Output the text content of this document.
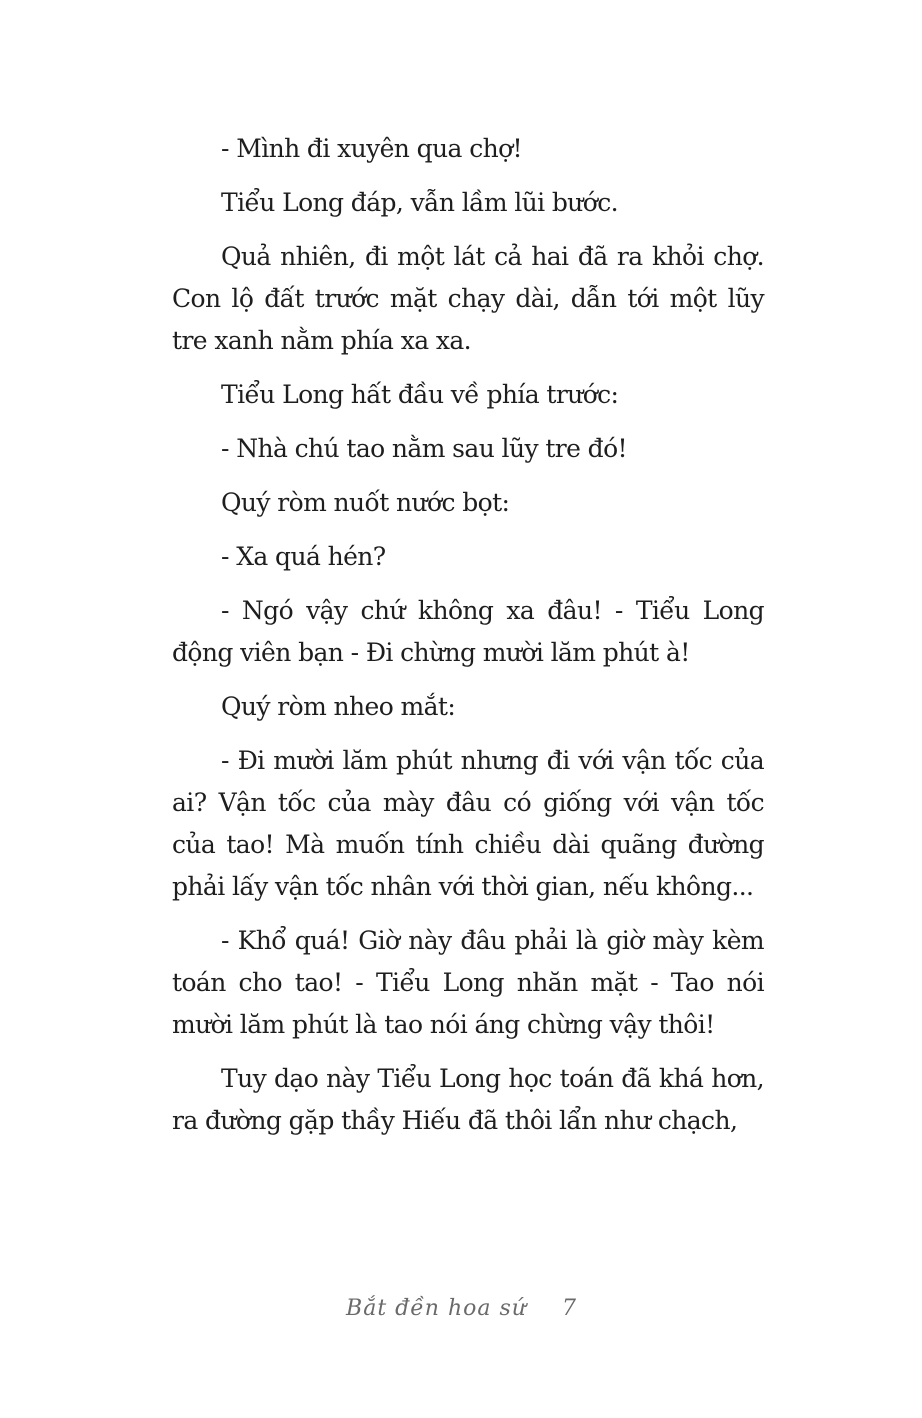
- Mình đi xuyên qua chợ!

Tiểu Long đáp, vẫn lầm lũi bước.

Quả nhiên, đi một lát cả hai đã ra khỏi chợ. Con lộ đất trước mặt chạy dài, dẫn tới một lũy tre xanh nằm phía xa xa.

Tiểu Long hất đầu về phía trước:

- Nhà chú tao nằm sau lũy tre đó!

Quý ròm nuốt nước bọt:

- Xa quá hén?

- Ngó vậy chứ không xa đâu! - Tiểu Long động viên bạn - Đi chừng mười lăm phút à!

Quý ròm nheo mắt:

- Đi mười lăm phút nhưng đi với vận tốc của ai? Vận tốc của mày đâu có giống với vận tốc của tao! Mà muốn tính chiều dài quãng đường phải lấy vận tốc nhân với thời gian, nếu không...

- Khổ quá! Giờ này đâu phải là giờ mày kèm toán cho tao! - Tiểu Long nhăn mặt - Tao nói mười lăm phút là tao nói áng chừng vậy thôi!

Tuy dạo này Tiểu Long học toán đã khá hơn, ra đường gặp thầy Hiếu đã thôi lẩn như chạch,

Bắt đền hoa sứ 7
